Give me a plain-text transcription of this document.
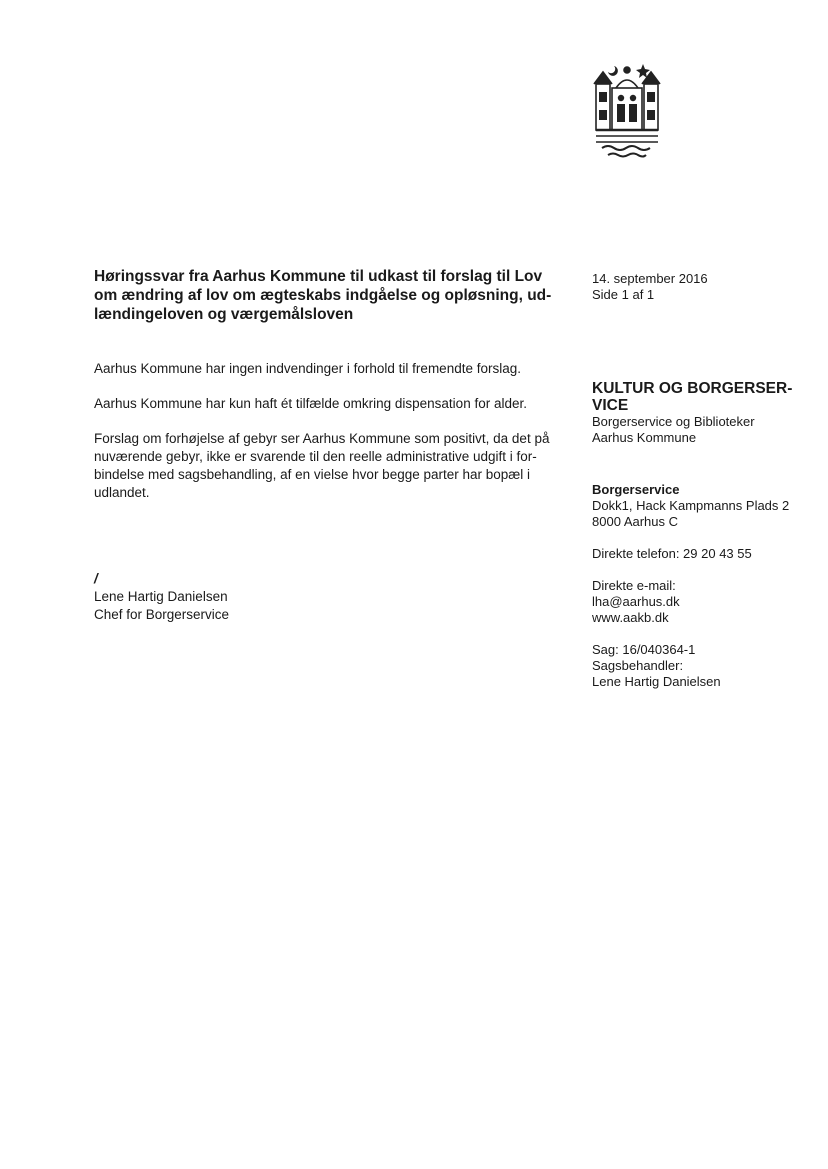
Høringssvar fra Aarhus Kommune til udkast til forslag til Lov
om ændring af lov om ægteskabs indgåelse og opløsning, ud-
lændingeloven og værgemålsloven

Aarhus Kommune har ingen indvendinger i forhold til fremendte forslag.

Aarhus Kommune har kun haft ét tilfælde omkring dispensation for alder.

Forslag om forhøjelse af gebyr ser Aarhus Kommune som positivt, da det på
nuværende gebyr, ikke er svarende til den reelle administrative udgift i for-
bindelse med sagsbehandling, af en vielse hvor begge parter har bopæl i
udlandet.

/
Lene Hartig Danielsen
Chef for Borgerservice
14. september 2016
Side 1 af 1
KULTUR OG BORGERSER-
VICE
Borgerservice og Biblioteker
Aarhus Kommune
Borgerservice
Dokk1, Hack Kampmanns Plads 2
8000 Aarhus C
Direkte telefon: 29 20 43 55
Direkte e-mail:
lha@aarhus.dk
www.aakb.dk
Sag: 16/040364-1
Sagsbehandler:
Lene Hartig Danielsen
